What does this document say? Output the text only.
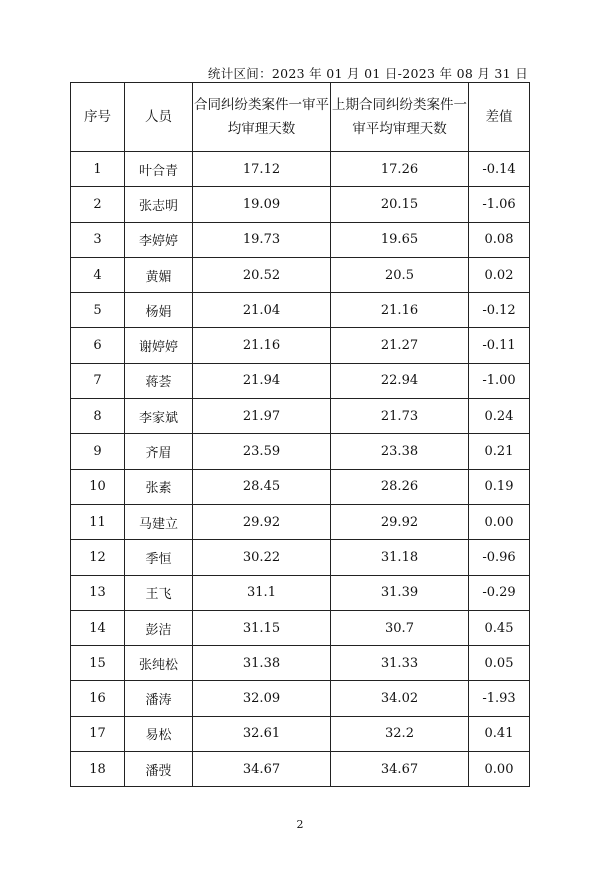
统计区间：2023 年 01 月 01 日-2023 年 08 月 31 日
序号	人员	合同纠纷类案件一审平均审理天数	上期合同纠纷类案件一审平均审理天数	差值
1	叶合青	17.12	17.26	-0.14
2	张志明	19.09	20.15	-1.06
3	李婷婷	19.73	19.65	0.08
4	黄媚	20.52	20.5	0.02
5	杨娟	21.04	21.16	-0.12
6	谢婷婷	21.16	21.27	-0.11
7	蒋荟	21.94	22.94	-1.00
8	李家斌	21.97	21.73	0.24
9	齐眉	23.59	23.38	0.21
10	张素	28.45	28.26	0.19
11	马建立	29.92	29.92	0.00
12	季恒	30.22	31.18	-0.96
13	王飞	31.1	31.39	-0.29
14	彭洁	31.15	30.7	0.45
15	张纯松	31.38	31.33	0.05
16	潘涛	32.09	34.02	-1.93
17	易松	32.61	32.2	0.41
18	潘弢	34.67	34.67	0.00
2
